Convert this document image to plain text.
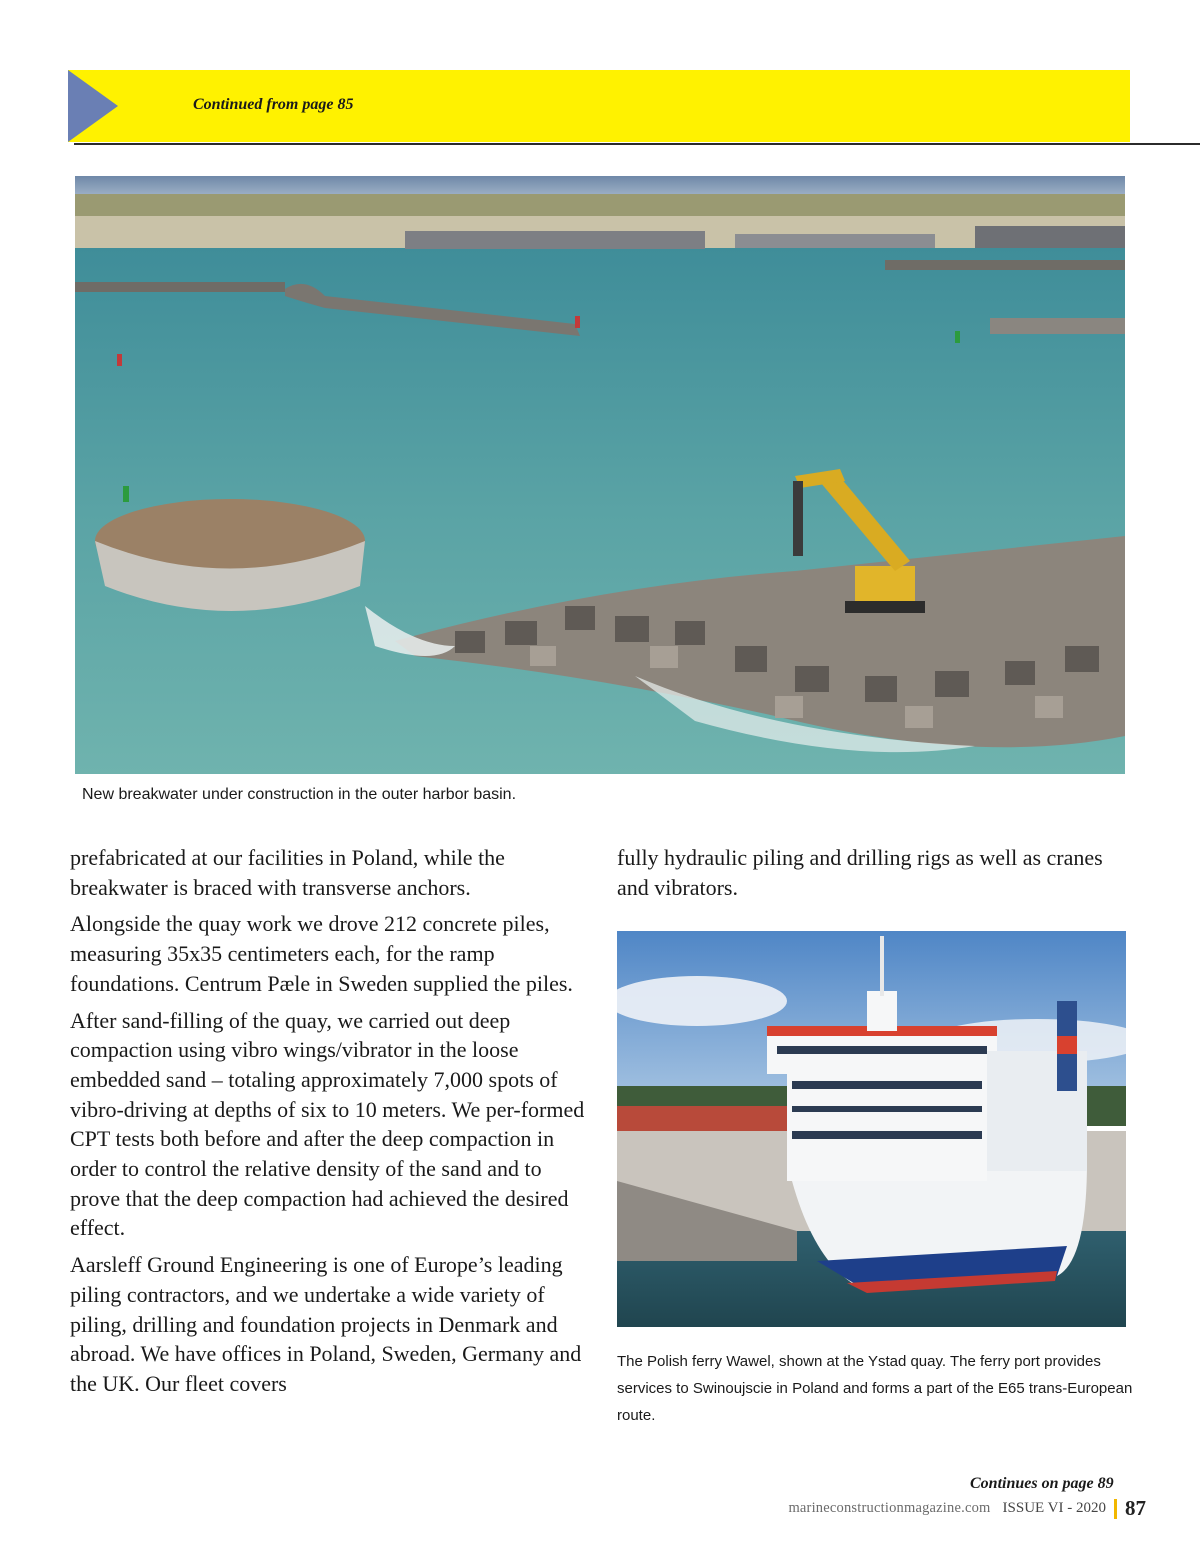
Continued from page 85
New breakwater under construction in the outer harbor basin.

prefabricated at our facilities in Poland, while the breakwater is braced with transverse anchors.

Alongside the quay work we drove 212 concrete piles, measuring 35x35 centimeters each, for the ramp foundations. Centrum Pæle in Sweden supplied the piles.

After sand-filling of the quay, we carried out deep compaction using vibro wings/vibrator in the loose embedded sand – totaling approximately 7,000 spots of vibro-driving at depths of six to 10 meters. We per-formed CPT tests both before and after the deep compaction in order to control the relative density of the sand and to prove that the deep compaction had achieved the desired effect.

Aarsleff Ground Engineering is one of Europe’s leading piling contractors, and we undertake a wide variety of piling, drilling and foundation projects in Denmark and abroad. We have offices in Poland, Sweden, Germany and the UK. Our fleet covers

fully hydraulic piling and drilling rigs as well as cranes and vibrators.

The Polish ferry Wawel, shown at the Ystad quay. The ferry port provides services to Swinoujscie in Poland and forms a part of the E65 trans-European route.
Continues on page 89
marineconstructionmagazine.com ISSUE VI - 2020 87
